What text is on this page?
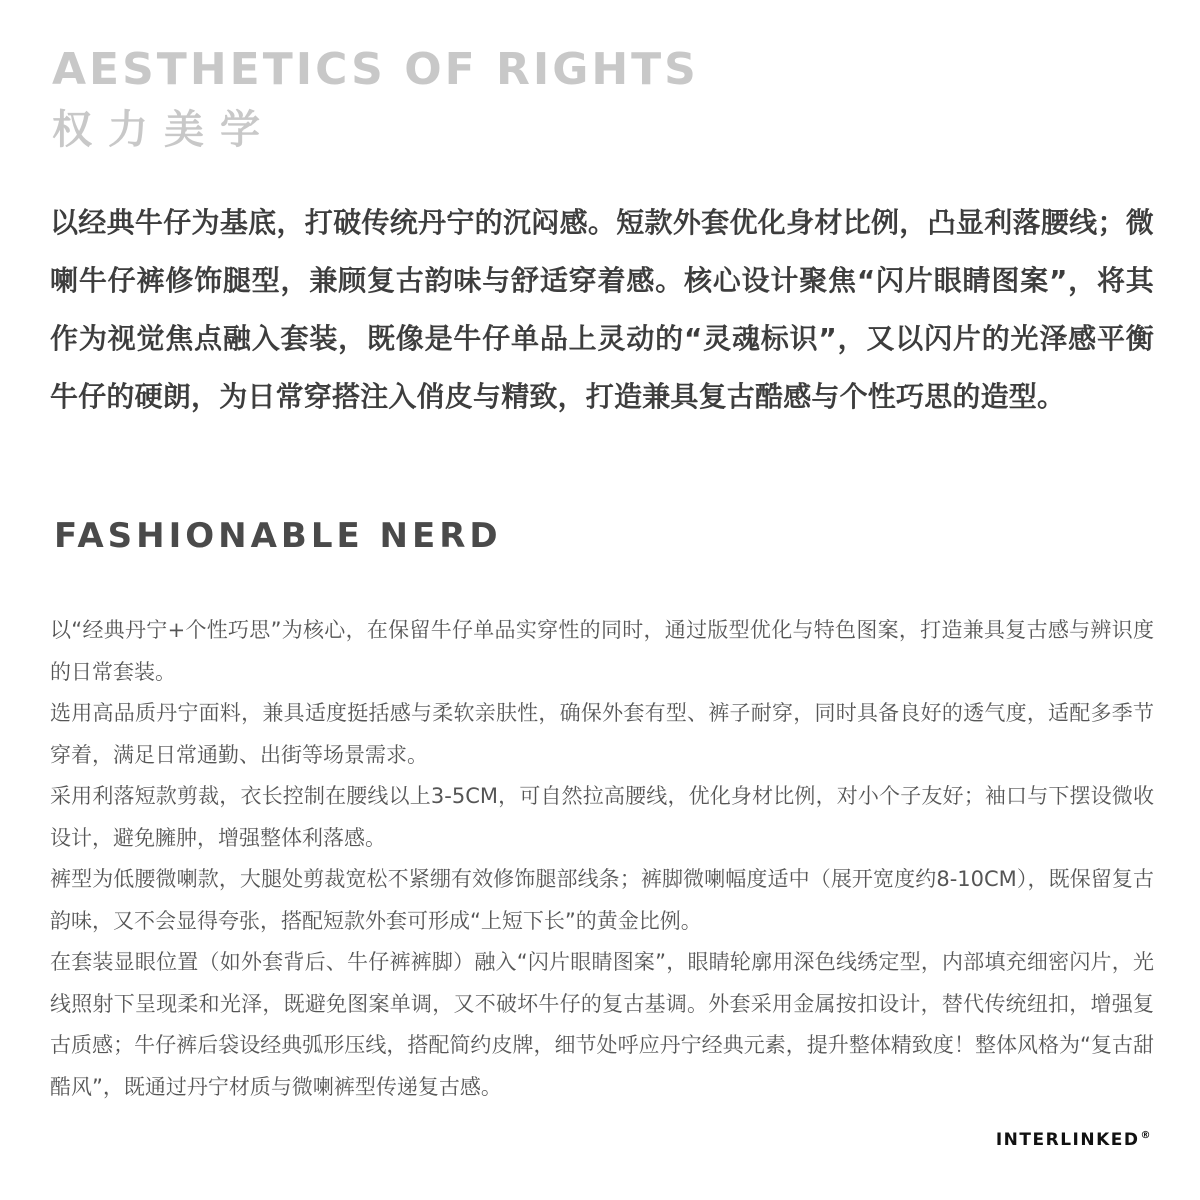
AESTHETICS OF RIGHTS
权力美学
以经典牛仔为基底，打破传统丹宁的沉闷感。短款外套优化身材比例，凸显利落腰线；微喇牛仔裤修饰腿型，兼顾复古韵味与舒适穿着感。核心设计聚焦“闪片眼睛图案”，将其作为视觉焦点融入套装，既像是牛仔单品上灵动的“灵魂标识”，又以闪片的光泽感平衡牛仔的硬朗，为日常穿搭注入俏皮与精致，打造兼具复古酷感与个性巧思的造型。
FASHIONABLE NERD

以“经典丹宁+个性巧思”为核心，在保留牛仔单品实穿性的同时，通过版型优化与特色图案，打造兼具复古感与辨识度的日常套装。

选用高品质丹宁面料，兼具适度挺括感与柔软亲肤性，确保外套有型、裤子耐穿，同时具备良好的透气度，适配多季节穿着，满足日常通勤、出街等场景需求。

采用利落短款剪裁，衣长控制在腰线以上3-5CM，可自然拉高腰线，优化身材比例，对小个子友好；袖口与下摆设微收设计，避免臃肿，增强整体利落感。

裤型为低腰微喇款，大腿处剪裁宽松不紧绷有效修饰腿部线条；裤脚微喇幅度适中（展开宽度约8-10CM），既保留复古韵味，又不会显得夸张，搭配短款外套可形成“上短下长”的黄金比例。

在套装显眼位置（如外套背后、牛仔裤裤脚）融入“闪片眼睛图案”，眼睛轮廓用深色线绣定型，内部填充细密闪片，光线照射下呈现柔和光泽，既避免图案单调，又不破坏牛仔的复古基调。外套采用金属按扣设计，替代传统纽扣，增强复古质感；牛仔裤后袋设经典弧形压线，搭配简约皮牌，细节处呼应丹宁经典元素，提升整体精致度！整体风格为“复古甜酷风”，既通过丹宁材质与微喇裤型传递复古感。

INTERLINKED®
